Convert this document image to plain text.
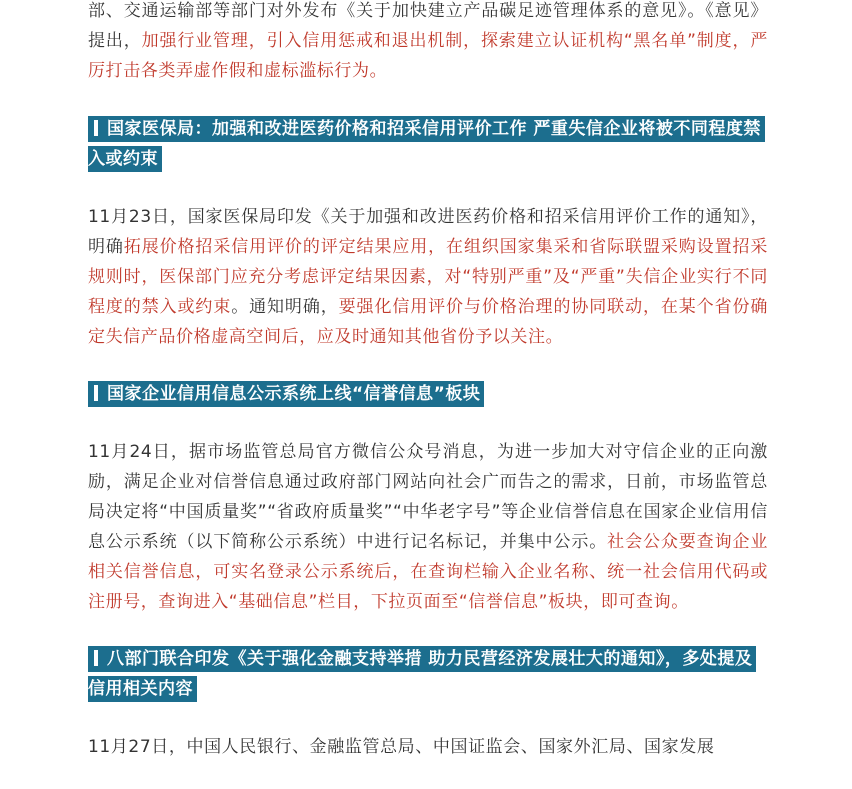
部、交通运输部等部门对外发布《关于加快建立产品碳足迹管理体系的意见》。《意见》提出，加强行业管理，引入信用惩戒和退出机制，探索建立认证机构“黑名单”制度，严厉打击各类弄虚作假和虚标滥标行为。

国家医保局：加强和改进医药价格和招采信用评价工作 严重失信企业将被不同程度禁入或约束

11月23日，国家医保局印发《关于加强和改进医药价格和招采信用评价工作的通知》，明确拓展价格招采信用评价的评定结果应用，在组织国家集采和省际联盟采购设置招采规则时，医保部门应充分考虑评定结果因素，对“特别严重”及“严重”失信企业实行不同程度的禁入或约束。通知明确，要强化信用评价与价格治理的协同联动，在某个省份确定失信产品价格虚高空间后，应及时通知其他省份予以关注。

国家企业信用信息公示系统上线“信誉信息”板块

11月24日，据市场监管总局官方微信公众号消息，为进一步加大对守信企业的正向激励，满足企业对信誉信息通过政府部门网站向社会广而告之的需求，日前，市场监管总局决定将“中国质量奖”“省政府质量奖”“中华老字号”等企业信誉信息在国家企业信用信息公示系统（以下简称公示系统）中进行记名标记，并集中公示。社会公众要查询企业相关信誉信息，可实名登录公示系统后，在查询栏输入企业名称、统一社会信用代码或注册号，查询进入“基础信息”栏目，下拉页面至“信誉信息”板块，即可查询。

八部门联合印发《关于强化金融支持举措 助力民营经济发展壮大的通知》，多处提及信用相关内容

11月27日，中国人民银行、金融监管总局、中国证监会、国家外汇局、国家发展
